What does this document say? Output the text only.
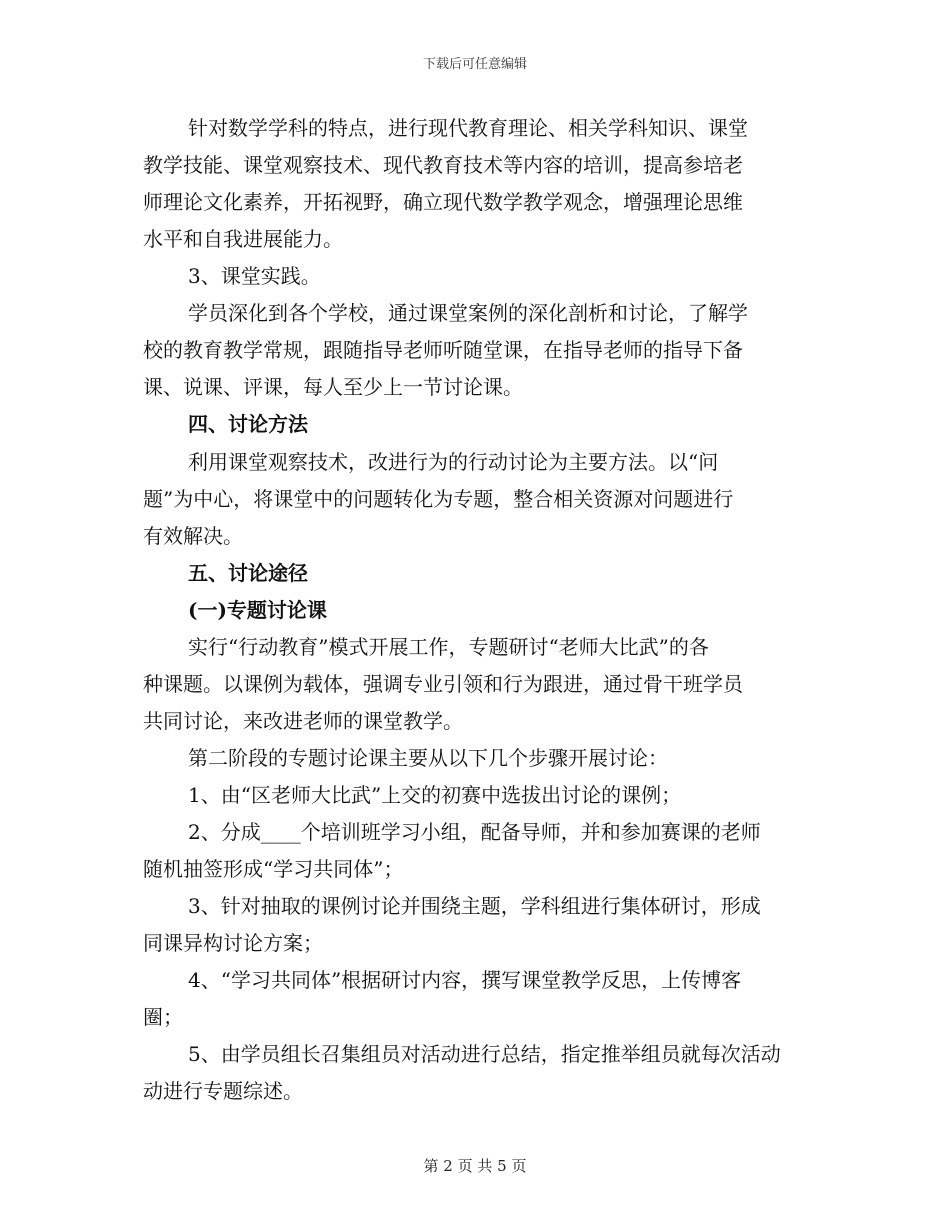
下载后可任意编辑
针对数学学科的特点，进行现代教育理论、相关学科知识、课堂
教学技能、课堂观察技术、现代教育技术等内容的培训，提高参培老
师理论文化素养，开拓视野，确立现代数学教学观念，增强理论思维
水平和自我进展能力。
3、课堂实践。
学员深化到各个学校，通过课堂案例的深化剖析和讨论，了解学
校的教育教学常规，跟随指导老师听随堂课，在指导老师的指导下备
课、说课、评课，每人至少上一节讨论课。
四、讨论方法
利用课堂观察技术，改进行为的行动讨论为主要方法。以“问
题”为中心，将课堂中的问题转化为专题，整合相关资源对问题进行
有效解决。
五、讨论途径
(一)专题讨论课
实行“行动教育”模式开展工作，专题研讨“老师大比武”的各
种课题。以课例为载体，强调专业引领和行为跟进，通过骨干班学员
共同讨论，来改进老师的课堂教学。
第二阶段的专题讨论课主要从以下几个步骤开展讨论：
1、由“区老师大比武”上交的初赛中选拔出讨论的课例；
2、分成____个培训班学习小组，配备导师，并和参加赛课的老师
随机抽签形成“学习共同体”；
3、针对抽取的课例讨论并围绕主题，学科组进行集体研讨，形成
同课异构讨论方案；
4、“学习共同体”根据研讨内容，撰写课堂教学反思，上传博客
圈；
5、由学员组长召集组员对活动进行总结，指定推举组员就每次活动
动进行专题综述。
第 2 页 共 5 页
